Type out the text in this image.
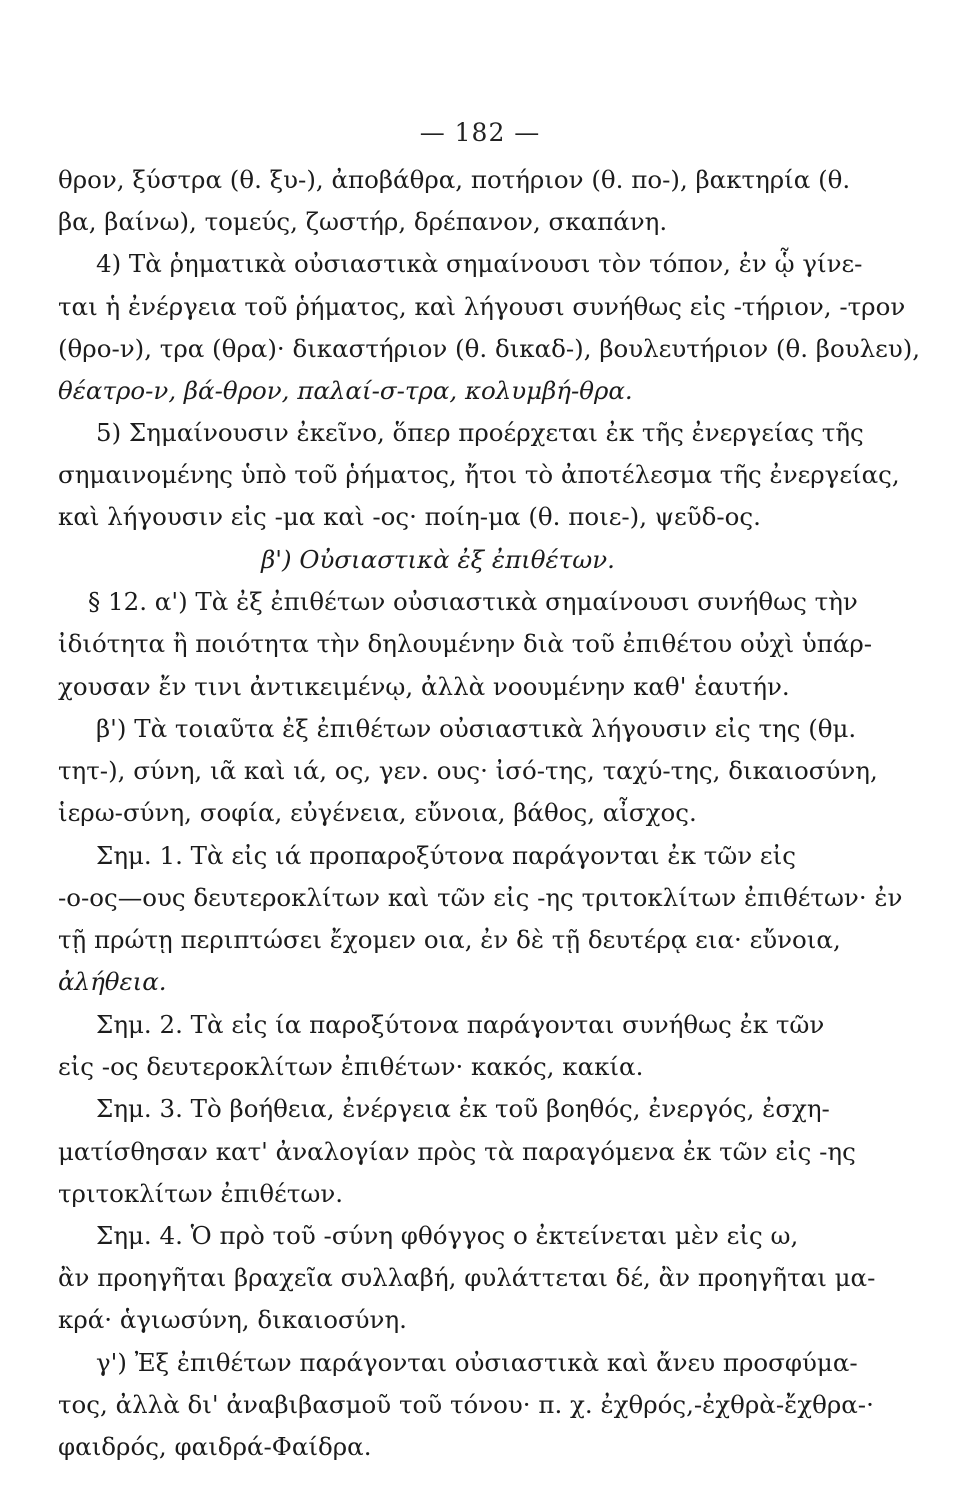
— 182 —
θρον, ξύστρα (θ. ξυ-), ἀποβάθρα, ποτήριον (θ. πο-), βακτηρία (θ.
βα, βαίνω), τομεύς, ζωστήρ, δρέπανον, σκαπάνη.
4) Τὰ ῥηματικὰ οὐσιαστικὰ σημαίνουσι τὸν τόπον, ἐν ᾧ γίνε-
ται ἡ ἐνέργεια τοῦ ῥήματος, καὶ λήγουσι συνήθως εἰς -τήριον, -τρον
(θρο-ν), τρα (θρα)· δικαστήριον (θ. δικαδ-), βουλευτήριον (θ. βουλευ),
θέατρο-ν, βά-θρον, παλαί-σ-τρα, κολυμβή-θρα.
5) Σημαίνουσιν ἐκεῖνο, ὅπερ προέρχεται ἐκ τῆς ἐνεργείας τῆς
σημαινομένης ὑπὸ τοῦ ῥήματος, ἤτοι τὸ ἀποτέλεσμα τῆς ἐνεργείας,
καὶ λήγουσιν εἰς -μα καὶ -ος· ποίη-μα (θ. ποιε-), ψεῦδ-ος.
β') Οὐσιαστικὰ ἐξ ἐπιθέτων.
§ 12. α') Τὰ ἐξ ἐπιθέτων οὐσιαστικὰ σημαίνουσι συνήθως τὴν
ἰδιότητα ἢ ποιότητα τὴν δηλουμένην διὰ τοῦ ἐπιθέτου οὐχὶ ὑπάρ-
χουσαν ἔν τινι ἀντικειμένῳ, ἀλλὰ νοουμένην καθ' ἑαυτήν.
β') Τὰ τοιαῦτα ἐξ ἐπιθέτων οὐσιαστικὰ λήγουσιν εἰς της (θμ.
τητ-), σύνη, ιᾶ καὶ ιά, ος, γεν. ους· ἰσό-της, ταχύ-της, δικαιοσύνη,
ἱερω-σύνη, σοφία, εὐγένεια, εὔνοια, βάθος, αἶσχος.
Σημ. 1. Τὰ εἰς ιά προπαροξύτονα παράγονται ἐκ τῶν εἰς
-ο-ος—ους δευτεροκλίτων καὶ τῶν εἰς -ης τριτοκλίτων ἐπιθέτων· ἐν
τῇ πρώτῃ περιπτώσει ἔχομεν οια, ἐν δὲ τῇ δευτέρᾳ εια· εὔνοια,
ἀλήθεια.
Σημ. 2. Τὰ εἰς ία παροξύτονα παράγονται συνήθως ἐκ τῶν
εἰς -ος δευτεροκλίτων ἐπιθέτων· κακός, κακία.
Σημ. 3. Τὸ βοήθεια, ἐνέργεια ἐκ τοῦ βοηθός, ἐνεργός, ἐσχη-
ματίσθησαν κατ' ἀναλογίαν πρὸς τὰ παραγόμενα ἐκ τῶν εἰς -ης
τριτοκλίτων ἐπιθέτων.
Σημ. 4. Ὁ πρὸ τοῦ -σύνη φθόγγος ο ἐκτείνεται μὲν εἰς ω,
ἂν προηγῆται βραχεῖα συλλαβή, φυλάττεται δέ, ἂν προηγῆται μα-
κρά· ἁγιωσύνη, δικαιοσύνη.
γ') Ἐξ ἐπιθέτων παράγονται οὐσιαστικὰ καὶ ἄνευ προσφύμα-
τος, ἀλλὰ δι' ἀναβιβασμοῦ τοῦ τόνου· π. χ. ἐχθρός,-ἐχθρὰ-ἔχθρα-·
φαιδρός, φαιδρά-Φαίδρα.
